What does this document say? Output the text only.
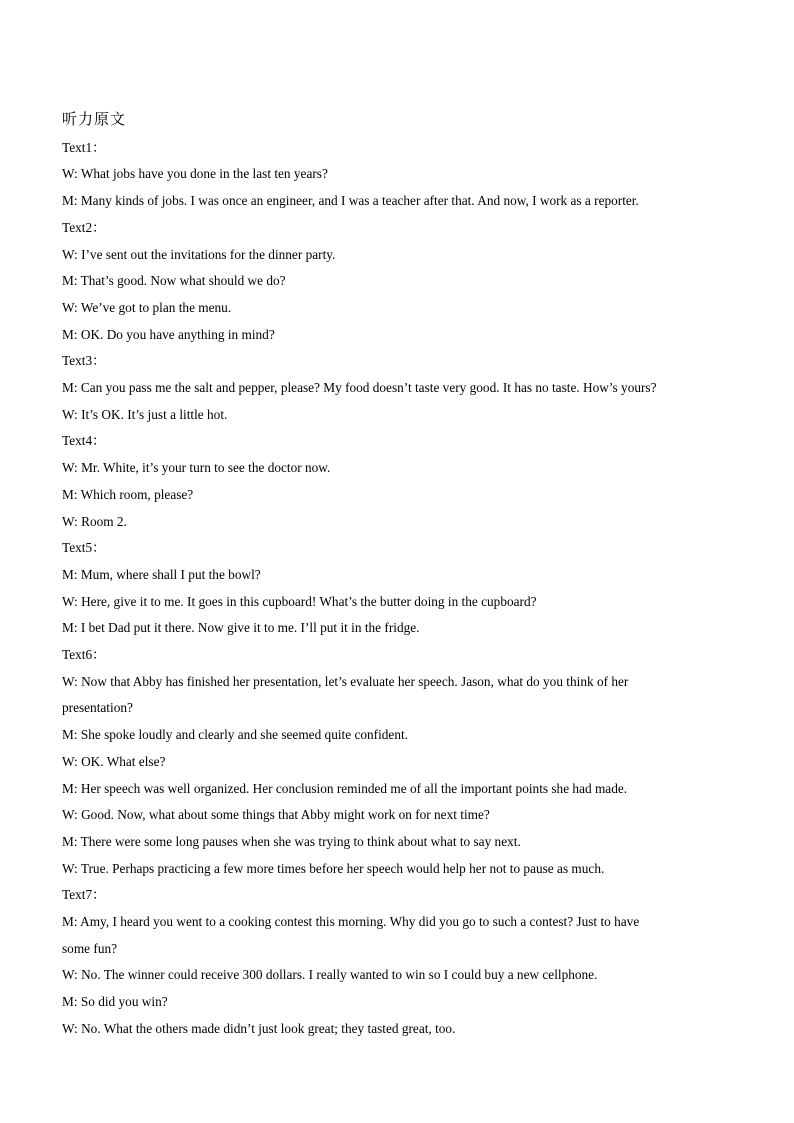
听力原文
Text1：
W: What jobs have you done in the last ten years?
M: Many kinds of jobs. I was once an engineer, and I was a teacher after that. And now, I work as a reporter.
Text2：
W: I’ve sent out the invitations for the dinner party.
M: That’s good. Now what should we do?
W: We’ve got to plan the menu.
M: OK. Do you have anything in mind?
Text3：
M: Can you pass me the salt and pepper, please? My food doesn’t taste very good. It has no taste. How’s yours?
W: It’s OK. It’s just a little hot.
Text4：
W: Mr. White, it’s your turn to see the doctor now.
M: Which room, please?
W: Room 2.
Text5：
M: Mum, where shall I put the bowl?
W: Here, give it to me. It goes in this cupboard! What’s the butter doing in the cupboard?
M: I bet Dad put it there. Now give it to me. I’ll put it in the fridge.
Text6：
W: Now that Abby has finished her presentation, let’s evaluate her speech. Jason, what do you think of her
presentation?
M: She spoke loudly and clearly and she seemed quite confident.
W: OK. What else?
M: Her speech was well organized. Her conclusion reminded me of all the important points she had made.
W: Good. Now, what about some things that Abby might work on for next time?
M: There were some long pauses when she was trying to think about what to say next.
W: True. Perhaps practicing a few more times before her speech would help her not to pause as much.
Text7：
M: Amy, I heard you went to a cooking contest this morning. Why did you go to such a contest? Just to have
some fun?
W: No. The winner could receive 300 dollars. I really wanted to win so I could buy a new cellphone.
M: So did you win?
W: No. What the others made didn’t just look great; they tasted great, too.
